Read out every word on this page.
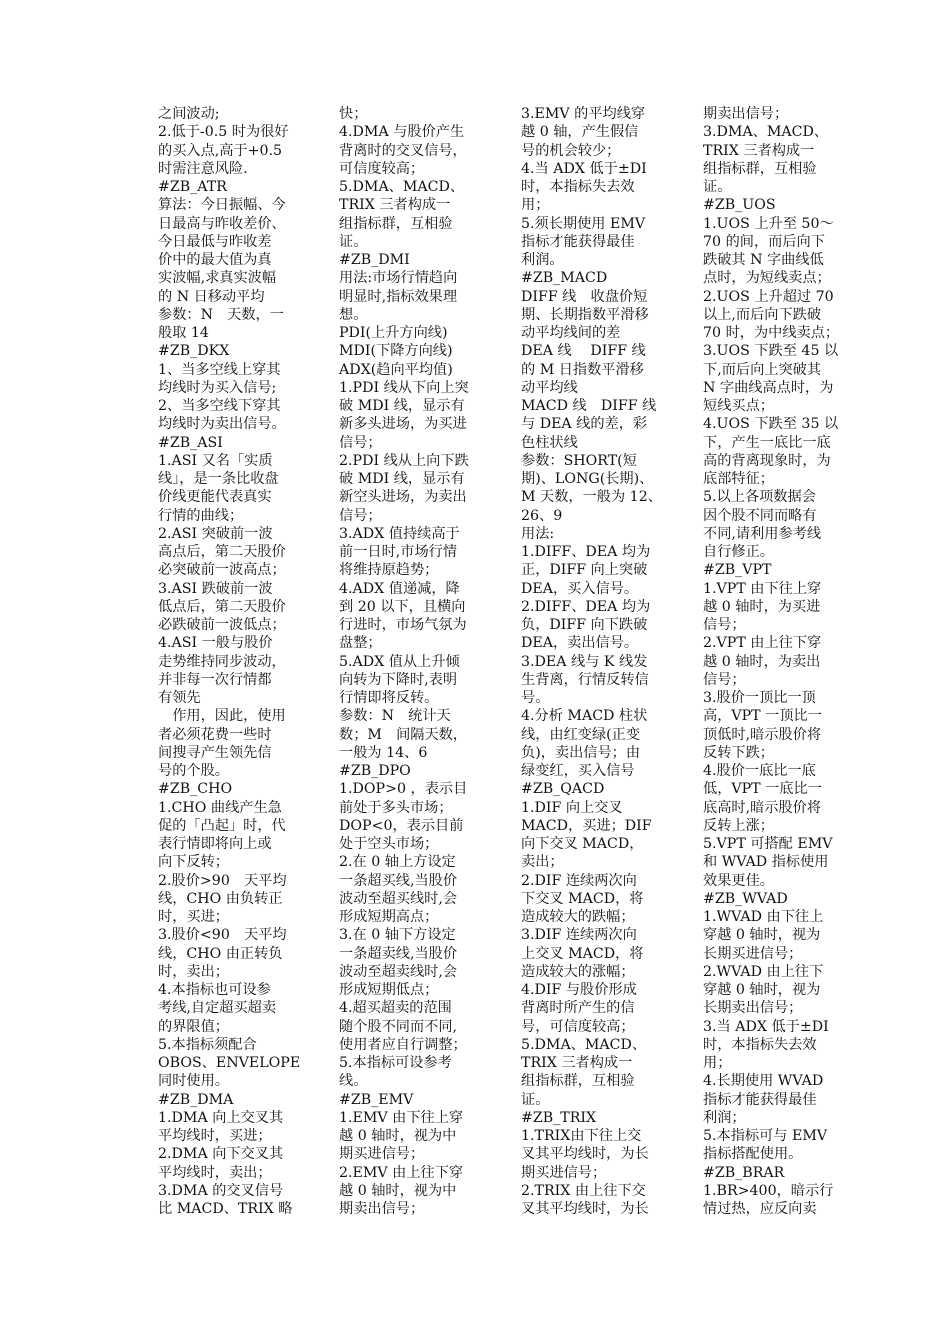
之间波动;
2.低于-0.5 时为很好
的买入点,高于+0.5
时需注意风险.
#ZB_ATR
算法：今日振幅、今
日最高与昨收差价、
今日最低与昨收差
价中的最大值为真
实波幅,求真实波幅
的 N 日移动平均
参数：N　天数，一
般取 14
#ZB_DKX
1、当多空线上穿其
均线时为买入信号;
2、当多空线下穿其
均线时为卖出信号。
#ZB_ASI
1.ASI 又名「实质
线」，是一条比收盘
价线更能代表真实
行情的曲线；
2.ASI 突破前一波
高点后，第二天股价
必突破前一波高点；
3.ASI 跌破前一波
低点后，第二天股价
必跌破前一波低点；
4.ASI 一般与股价
走势维持同步波动，
并非每一次行情都
有领先
　作用，因此，使用
者必须花费一些时
间搜寻产生领先信
号的个股。
#ZB_CHO
1.CHO 曲线产生急
促的「凸起」时，代
表行情即将向上或
向下反转；
2.股价>90　天平均
线，CHO 由负转正
时，买进；
3.股价<90　天平均
线，CHO 由正转负
时，卖出；
4.本指标也可设参
考线,自定超买超卖
的界限值；
5.本指标须配合
OBOS、ENVELOPE
同时使用。
#ZB_DMA
1.DMA 向上交叉其
平均线时，买进；
2.DMA 向下交叉其
平均线时，卖出；
3.DMA 的交叉信号
比 MACD、TRIX 略
快；
4.DMA 与股价产生
背离时的交叉信号，
可信度较高；
5.DMA、MACD、
TRIX 三者构成一
组指标群，互相验
证。
#ZB_DMI
用法:市场行情趋向
明显时,指标效果理
想。
PDI(上升方向线)
MDI(下降方向线)
ADX(趋向平均值)
1.PDI 线从下向上突
破 MDI 线，显示有
新多头进场，为买进
信号；
2.PDI 线从上向下跌
破 MDI 线，显示有
新空头进场，为卖出
信号；
3.ADX 值持续高于
前一日时,市场行情
将维持原趋势；
4.ADX 值递减，降
到 20 以下，且横向
行进时，市场气氛为
盘整；
5.ADX 值从上升倾
向转为下降时,表明
行情即将反转。
参数：N　统计天
数；M　间隔天数，
一般为 14、6
#ZB_DPO
1.DOP>0 ，表示目
前处于多头市场；
DOP<0，表示目前
处于空头市场；
2.在 0 轴上方设定
一条超买线,当股价
波动至超买线时,会
形成短期高点；
3.在 0 轴下方设定
一条超卖线,当股价
波动至超卖线时,会
形成短期低点；
4.超买超卖的范围
随个股不同而不同,
使用者应自行调整；
5.本指标可设参考
线。
#ZB_EMV
1.EMV 由下往上穿
越 0 轴时，视为中
期买进信号；
2.EMV 由上往下穿
越 0 轴时，视为中
期卖出信号；
3.EMV 的平均线穿
越 0 轴，产生假信
号的机会较少；
4.当 ADX 低于±DI
时，本指标失去效
用；
5.须长期使用 EMV
指标才能获得最佳
利润。
#ZB_MACD
DIFF 线　收盘价短
期、长期指数平滑移
动平均线间的差
DEA 线　 DIFF 线
的 M 日指数平滑移
动平均线
MACD 线　DIFF 线
与 DEA 线的差，彩
色柱状线
参数：SHORT(短
期)、LONG(长期)、
M 天数，一般为 12、
26、9
用法:
1.DIFF、DEA 均为
正，DIFF 向上突破
DEA，买入信号。
2.DIFF、DEA 均为
负，DIFF 向下跌破
DEA，卖出信号。
3.DEA 线与 K 线发
生背离，行情反转信
号。
4.分析 MACD 柱状
线，由红变绿(正变
负)，卖出信号；由
绿变红，买入信号
#ZB_QACD
1.DIF 向上交叉
MACD，买进；DIF
向下交叉 MACD，
卖出；
2.DIF 连续两次向
下交叉 MACD，将
造成较大的跌幅；
3.DIF 连续两次向
上交叉 MACD，将
造成较大的涨幅；
4.DIF 与股价形成
背离时所产生的信
号，可信度较高；
5.DMA、MACD、
TRIX 三者构成一
组指标群，互相验
证。
#ZB_TRIX
1.TRIX由下往上交
叉其平均线时，为长
期买进信号；
2.TRIX 由上往下交
叉其平均线时，为长
期卖出信号；
3.DMA、MACD、
TRIX 三者构成一
组指标群，互相验
证。
#ZB_UOS
1.UOS 上升至 50～
70 的间，而后向下
跌破其 N 字曲线低
点时，为短线卖点；
2.UOS 上升超过 70
以上,而后向下跌破
70 时，为中线卖点；
3.UOS 下跌至 45 以
下,而后向上突破其
N 字曲线高点时，为
短线买点；
4.UOS 下跌至 35 以
下，产生一底比一底
高的背离现象时，为
底部特征；
5.以上各项数据会
因个股不同而略有
不同,请利用参考线
自行修正。
#ZB_VPT
1.VPT 由下往上穿
越 0 轴时，为买进
信号；
2.VPT 由上往下穿
越 0 轴时，为卖出
信号；
3.股价一顶比一顶
高，VPT 一顶比一
顶低时,暗示股价将
反转下跌；
4.股价一底比一底
低，VPT 一底比一
底高时,暗示股价将
反转上涨；
5.VPT 可搭配 EMV
和 WVAD 指标使用
效果更佳。
#ZB_WVAD
1.WVAD 由下往上
穿越 0 轴时，视为
长期买进信号；
2.WVAD 由上往下
穿越 0 轴时，视为
长期卖出信号；
3.当 ADX 低于±DI
时，本指标失去效
用；
4.长期使用 WVAD
指标才能获得最佳
利润；
5.本指标可与 EMV
指标搭配使用。
#ZB_BRAR
1.BR>400，暗示行
情过热，应反向卖
